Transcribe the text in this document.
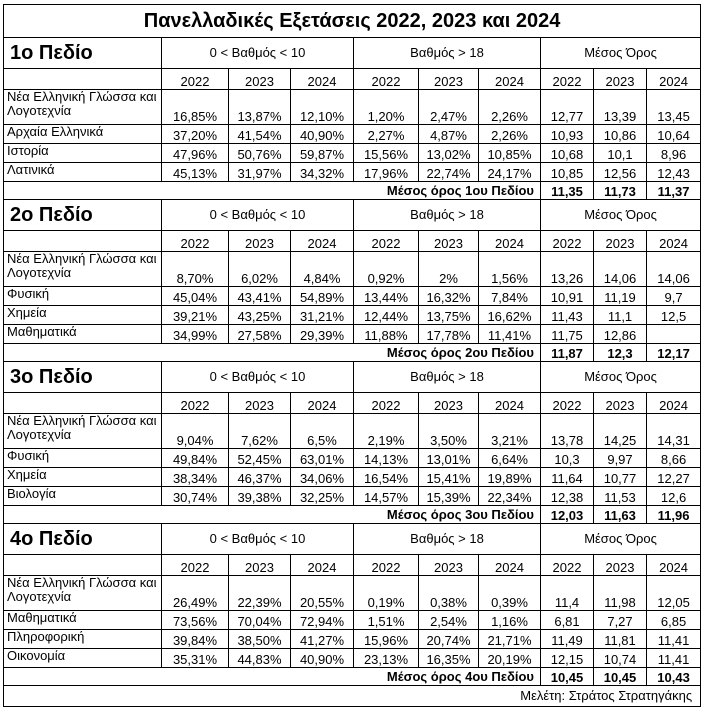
Πανελλαδικές Εξετάσεις 2022, 2023 και 2024									
1ο Πεδίο	0 < Βαθμός < 10			Βαθμός > 18			Μέσος Όρος		
	2022	2023	2024	2022	2023	2024	2022	2023	2024
Νέα Ελληνική Γλώσσα και Λογοτεχνία	16,85%	13,87%	12,10%	1,20%	2,47%	2,26%	12,77	13,39	13,45
Αρχαία Ελληνικά	37,20%	41,54%	40,90%	2,27%	4,87%	2,26%	10,93	10,86	10,64
Ιστορία	47,96%	50,76%	59,87%	15,56%	13,02%	10,85%	10,68	10,1	8,96
Λατινικά	45,13%	31,97%	34,32%	17,96%	22,74%	24,17%	10,85	12,56	12,43
Μέσος όρος 1ου Πεδίου							11,35	11,73	11,37
2ο Πεδίο	0 < Βαθμός < 10			Βαθμός > 18			Μέσος Όρος		
	2022	2023	2024	2022	2023	2024	2022	2023	2024
Νέα Ελληνική Γλώσσα και Λογοτεχνία	8,70%	6,02%	4,84%	0,92%	2%	1,56%	13,26	14,06	14,06
Φυσική	45,04%	43,41%	54,89%	13,44%	16,32%	7,84%	10,91	11,19	9,7
Χημεία	39,21%	43,25%	31,21%	12,44%	13,75%	16,62%	11,43	11,1	12,5
Μαθηματικά	34,99%	27,58%	29,39%	11,88%	17,78%	11,41%	11,75	12,86	
Μέσος όρος 2ου Πεδίου							11,87	12,3	12,17
3ο Πεδίο	0 < Βαθμός < 10			Βαθμός > 18			Μέσος Όρος		
	2022	2023	2024	2022	2023	2024	2022	2023	2024
Νέα Ελληνική Γλώσσα και Λογοτεχνία	9,04%	7,62%	6,5%	2,19%	3,50%	3,21%	13,78	14,25	14,31
Φυσική	49,84%	52,45%	63,01%	14,13%	13,01%	6,64%	10,3	9,97	8,66
Χημεία	38,34%	46,37%	34,06%	16,54%	15,41%	19,89%	11,64	10,77	12,27
Βιολογία	30,74%	39,38%	32,25%	14,57%	15,39%	22,34%	12,38	11,53	12,6
Μέσος όρος 3ου Πεδίου							12,03	11,63	11,96
4ο Πεδίο	0 < Βαθμός < 10			Βαθμός > 18			Μέσος Όρος		
	2022	2023	2024	2022	2023	2024	2022	2023	2024
Νέα Ελληνική Γλώσσα και Λογοτεχνία	26,49%	22,39%	20,55%	0,19%	0,38%	0,39%	11,4	11,98	12,05
Μαθηματικά	73,56%	70,04%	72,94%	1,51%	2,54%	1,16%	6,81	7,27	6,85
Πληροφορική	39,84%	38,50%	41,27%	15,96%	20,74%	21,71%	11,49	11,81	11,41
Οικονομία	35,31%	44,83%	40,90%	23,13%	16,35%	20,19%	12,15	10,74	11,41
Μέσος όρος 4ου Πεδίου							10,45	10,45	10,43
Μελέτη: Στράτος Στρατηγάκης									
